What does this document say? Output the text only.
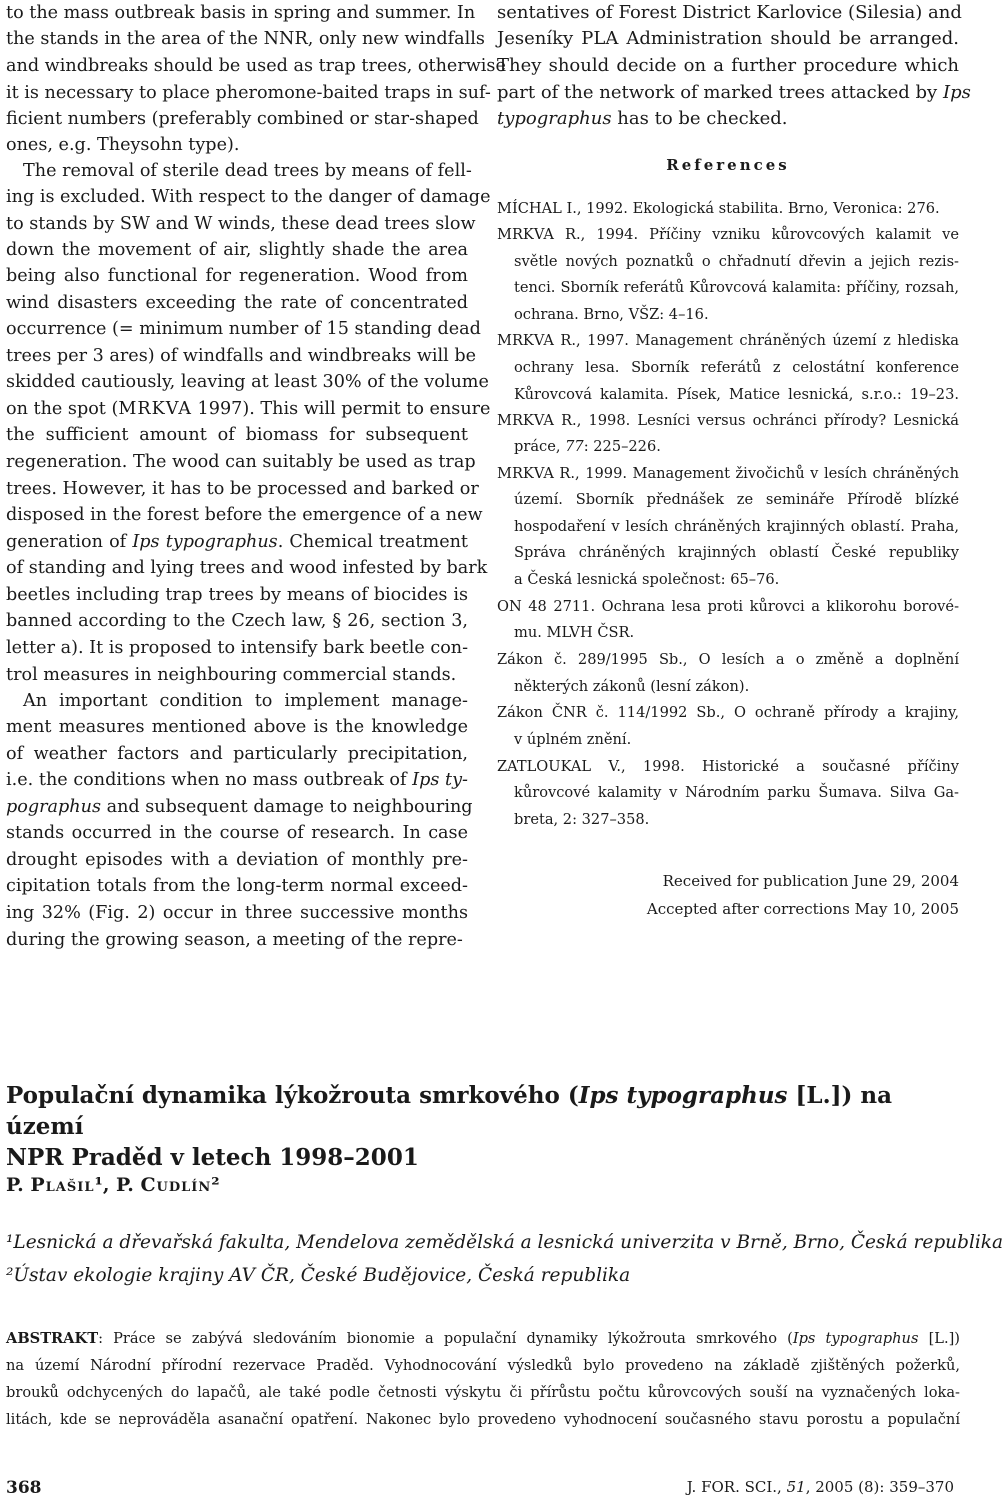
to the mass outbreak basis in spring and summer. In
the stands in the area of the NNR, only new windfalls
and windbreaks should be used as trap trees, otherwise
it is necessary to place pheromone-baited traps in suf-
ficient numbers (preferably combined or star-shaped
ones, e.g. Theysohn type).
The removal of sterile dead trees by means of fell-
ing is excluded. With respect to the danger of damage
to stands by SW and W winds, these dead trees slow
down the movement of air, slightly shade the area
being also functional for regeneration. Wood from
wind disasters exceeding the rate of concentrated
occurrence (= minimum number of 15 standing dead
trees per 3 ares) of windfalls and windbreaks will be
skidded cautiously, leaving at least 30% of the volume
on the spot (MRKVA 1997). This will permit to ensure
the sufficient amount of biomass for subsequent
regeneration. The wood can suitably be used as trap
trees. However, it has to be processed and barked or
disposed in the forest before the emergence of a new
generation of Ips typographus. Chemical treatment
of standing and lying trees and wood infested by bark
beetles including trap trees by means of biocides is
banned according to the Czech law, § 26, section 3,
letter a). It is proposed to intensify bark beetle con-
trol measures in neighbouring commercial stands.
An important condition to implement manage-
ment measures mentioned above is the knowledge
of weather factors and particularly precipitation,
i.e. the conditions when no mass outbreak of Ips ty-
pographus and subsequent damage to neighbouring
stands occurred in the course of research. In case
drought episodes with a deviation of monthly pre-
cipitation totals from the long-term normal exceed-
ing 32% (Fig. 2) occur in three successive months
during the growing season, a meeting of the repre-
sentatives of Forest District Karlovice (Silesia) and
Jeseníky PLA Administration should be arranged.
They should decide on a further procedure which
part of the network of marked trees attacked by Ips
typographus has to be checked.
References
MÍCHAL I., 1992. Ekologická stabilita. Brno, Veronica: 276.
MRKVA R., 1994. Příčiny vzniku kůrovcových kalamit ve
světle nových poznatků o chřadnutí dřevin a jejich rezis-
tenci. Sborník referátů Kůrovcová kalamita: příčiny, rozsah,
ochrana. Brno, VŠZ: 4–16.
MRKVA R., 1997. Management chráněných území z hlediska
ochrany lesa. Sborník referátů z celostátní konference
Kůrovcová kalamita. Písek, Matice lesnická, s.r.o.: 19–23.
MRKVA R., 1998. Lesníci versus ochránci přírody? Lesnická
práce, 77: 225–226.
MRKVA R., 1999. Management živočichů v lesích chráněných
území. Sborník přednášek ze semináře Přírodě blízké
hospodaření v lesích chráněných krajinných oblastí. Praha,
Správa chráněných krajinných oblastí České republiky
a Česká lesnická společnost: 65–76.
ON 48 2711. Ochrana lesa proti kůrovci a klikorohu borové-
mu. MLVH ČSR.
Zákon č. 289/1995 Sb., O lesích a o změně a doplnění
některých zákonů (lesní zákon).
Zákon ČNR č. 114/1992 Sb., O ochraně přírody a krajiny,
v úplném znění.
ZATLOUKAL V., 1998. Historické a současné příčiny
kůrovcové kalamity v Národním parku Šumava. Silva Ga-
breta, 2: 327–358.
Received for publication June 29, 2004
Accepted after corrections May 10, 2005
Populační dynamika lýkožrouta smrkového (Ips typographus [L.]) na území
NPR Praděd v letech 1998–2001
P. Plašil¹, P. Cudlín²
¹Lesnická a dřevařská fakulta, Mendelova zemědělská a lesnická univerzita v Brně, Brno, Česká republika
²Ústav ekologie krajiny AV ČR, České Budějovice, Česká republika
ABSTRAKT: Práce se zabývá sledováním bionomie a populační dynamiky lýkožrouta smrkového (Ips typographus [L.])
na území Národní přírodní rezervace Praděd. Vyhodnocování výsledků bylo provedeno na základě zjištěných požerků,
brouků odchycených do lapačů, ale také podle četnosti výskytu či přírůstu počtu kůrovcových souší na vyznačených loka-
litách, kde se neprováděla asanační opatření. Nakonec bylo provedeno vyhodnocení současného stavu porostu a populační
368	J. FOR. SCI., 51, 2005 (8): 359–370
